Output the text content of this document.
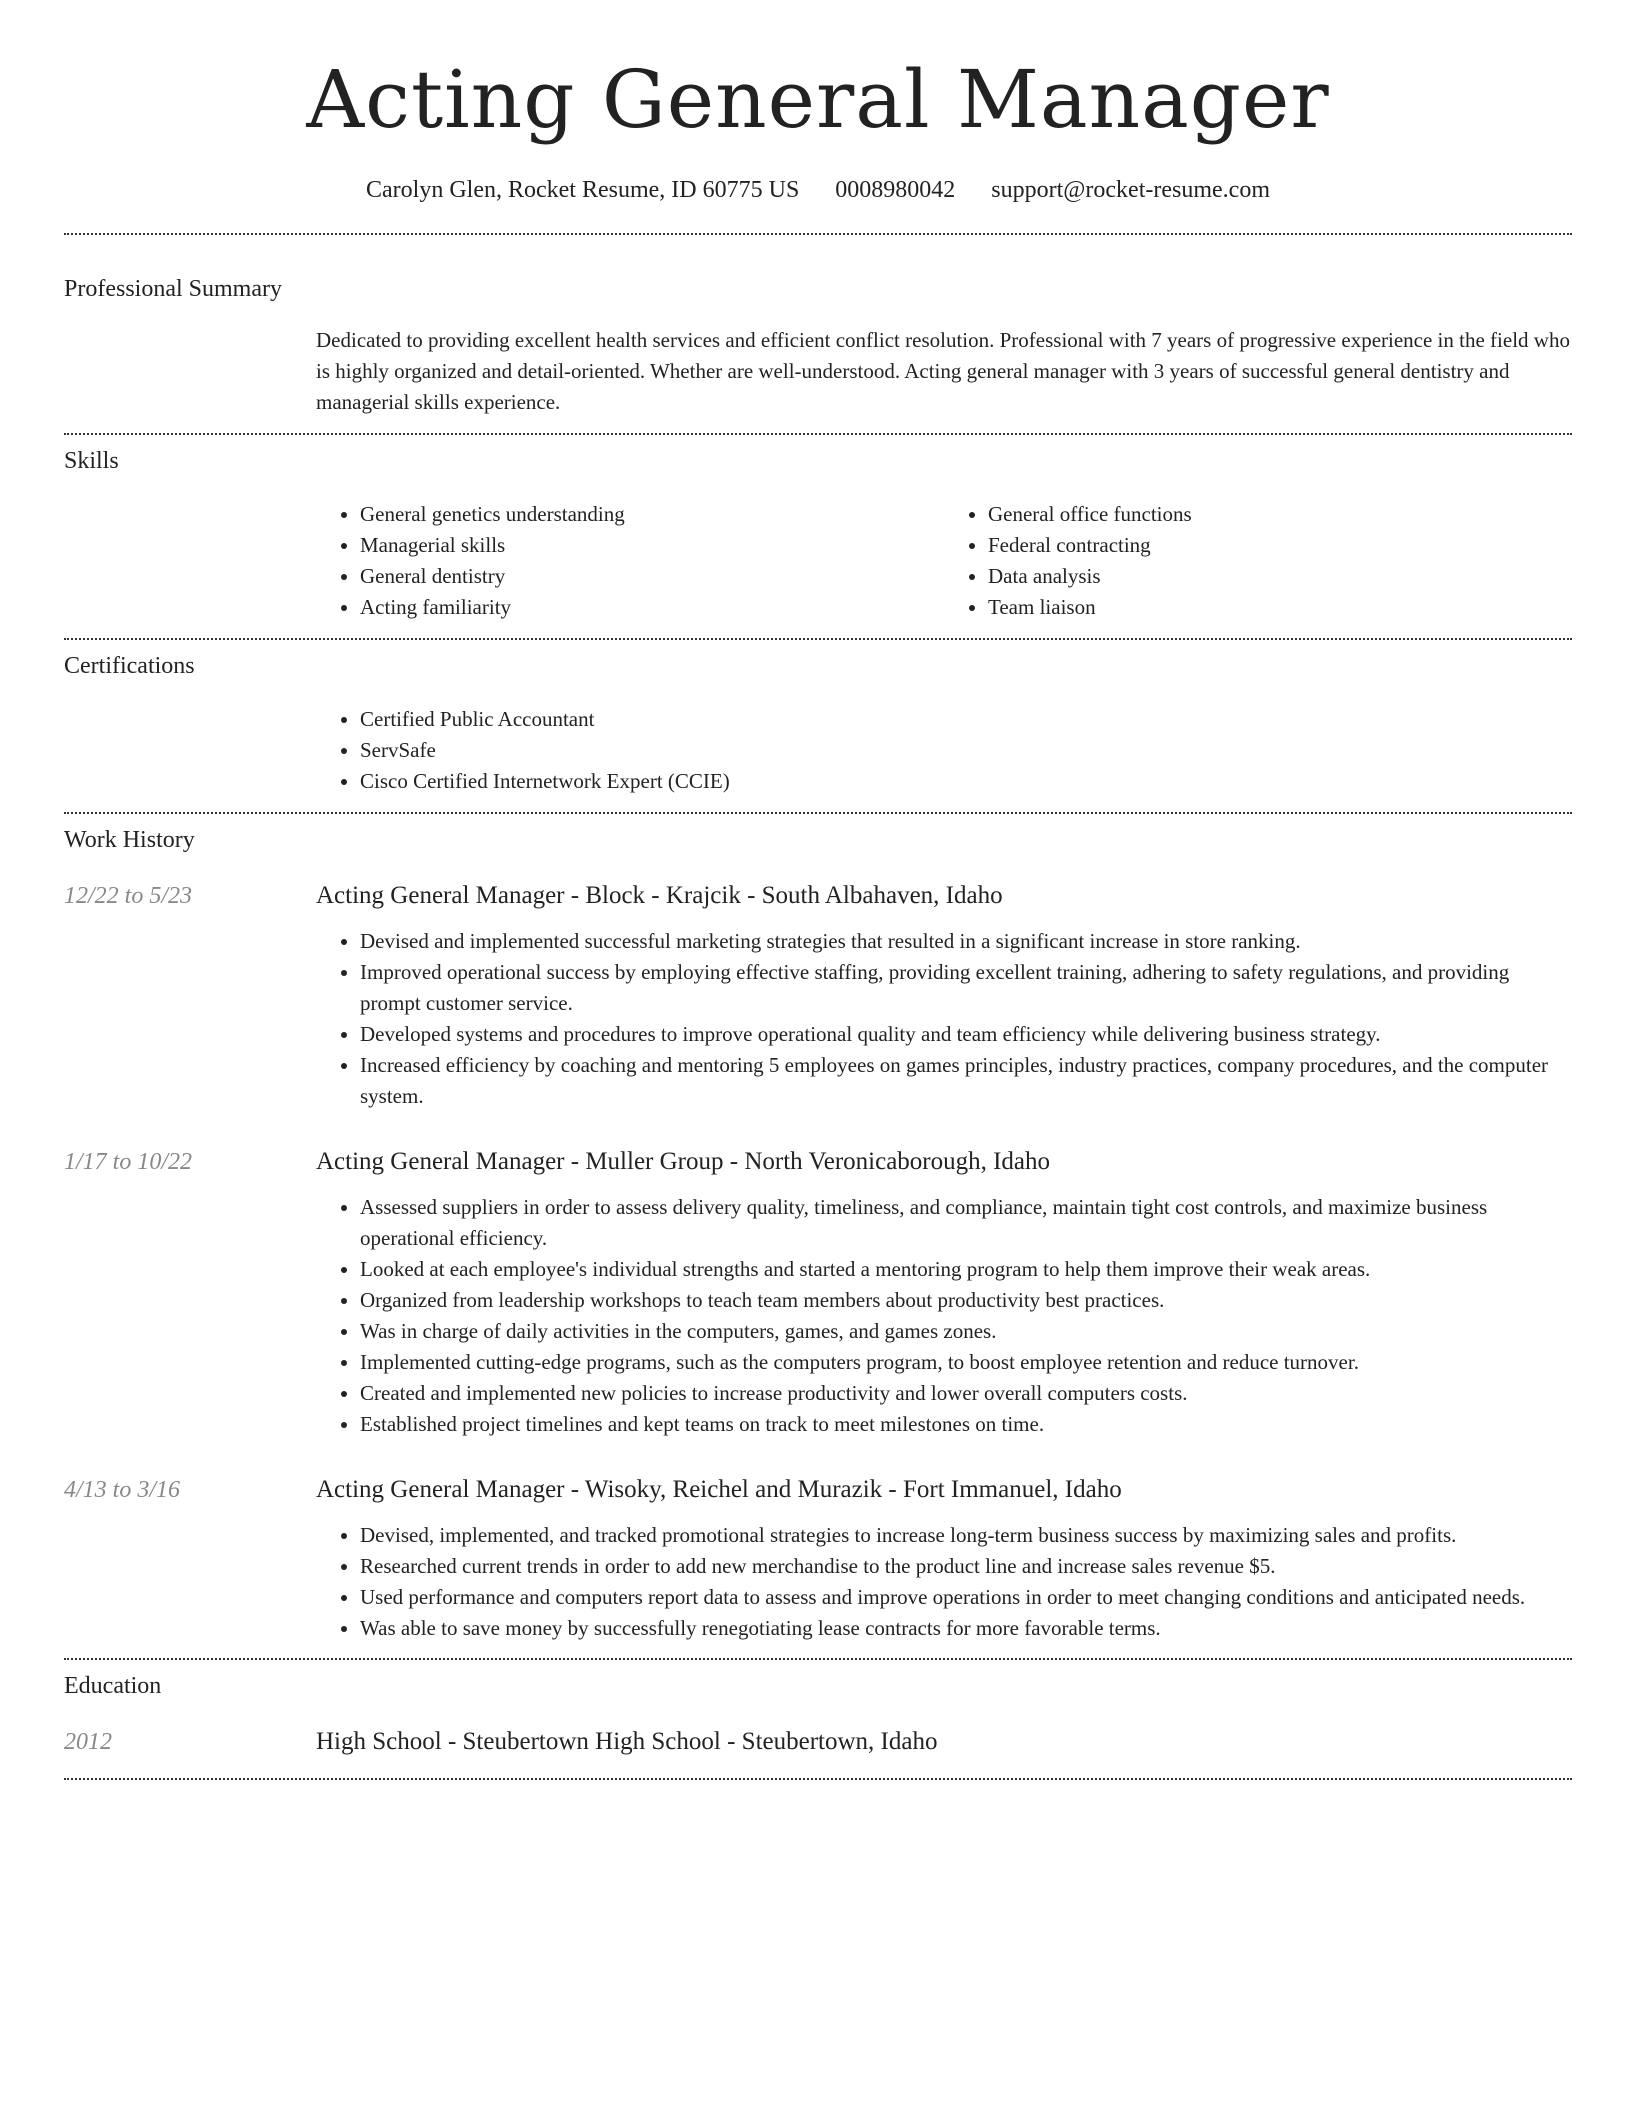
Acting General Manager
Carolyn Glen, Rocket Resume, ID 60775 US 0008980042 support@rocket-resume.com
Professional Summary

Dedicated to providing excellent health services and efficient conflict resolution. Professional with 7 years of progressive experience in the field who is highly organized and detail-oriented. Whether are well-understood. Acting general manager with 3 years of successful general dentistry and managerial skills experience.

Skills
• General genetics understanding
• Managerial skills
• General dentistry
• Acting familiarity
• General office functions
• Federal contracting
• Data analysis
• Team liaison
Certifications
• Certified Public Accountant
• ServSafe
• Cisco Certified Internetwork Expert (CCIE)
Work History
12/22 to 5/23	Acting General Manager - Block - Krajcik - South Albahaven, Idaho
• Devised and implemented successful marketing strategies that resulted in a significant increase in store ranking.
• Improved operational success by employing effective staffing, providing excellent training, adhering to safety regulations, and providing prompt customer service.
• Developed systems and procedures to improve operational quality and team efficiency while delivering business strategy.
• Increased efficiency by coaching and mentoring 5 employees on games principles, industry practices, company procedures, and the computer system.
1/17 to 10/22	Acting General Manager - Muller Group - North Veronicaborough, Idaho
• Assessed suppliers in order to assess delivery quality, timeliness, and compliance, maintain tight cost controls, and maximize business operational efficiency.
• Looked at each employee's individual strengths and started a mentoring program to help them improve their weak areas.
• Organized from leadership workshops to teach team members about productivity best practices.
• Was in charge of daily activities in the computers, games, and games zones.
• Implemented cutting-edge programs, such as the computers program, to boost employee retention and reduce turnover.
• Created and implemented new policies to increase productivity and lower overall computers costs.
• Established project timelines and kept teams on track to meet milestones on time.
4/13 to 3/16	Acting General Manager - Wisoky, Reichel and Murazik - Fort Immanuel, Idaho
• Devised, implemented, and tracked promotional strategies to increase long-term business success by maximizing sales and profits.
• Researched current trends in order to add new merchandise to the product line and increase sales revenue $5.
• Used performance and computers report data to assess and improve operations in order to meet changing conditions and anticipated needs.
• Was able to save money by successfully renegotiating lease contracts for more favorable terms.
Education
2012	High School - Steubertown High School - Steubertown, Idaho
